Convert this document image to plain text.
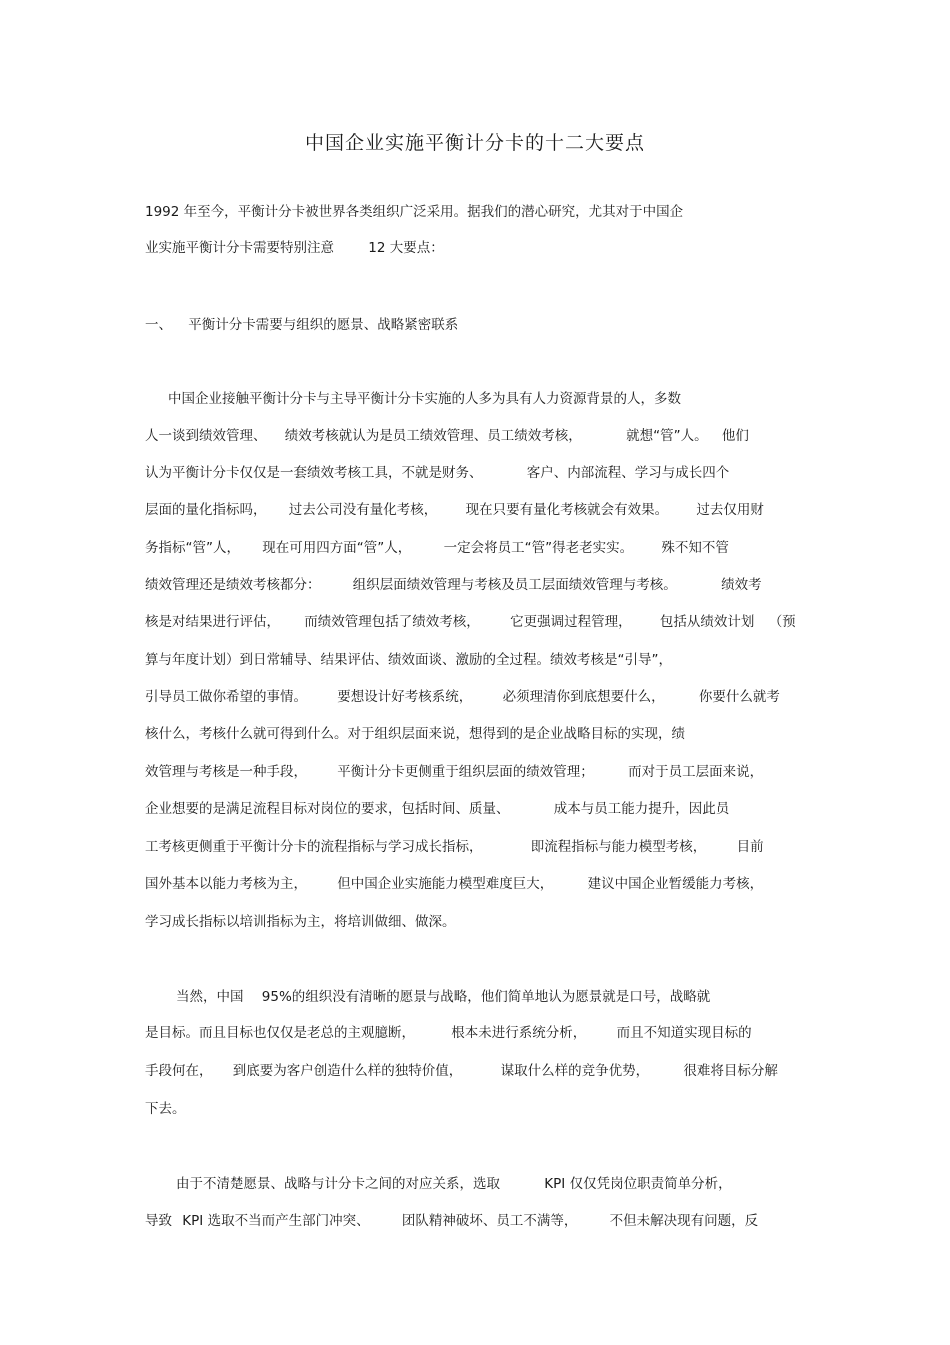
中国企业实施平衡计分卡的十二大要点
1992 年至今，平衡计分卡被世界各类组织广泛采用。据我们的潜心研究，尤其对于中国企
业实施平衡计分卡需要特别注意	12 大要点：
一、 平衡计分卡需要与组织的愿景、战略紧密联系
中国企业接触平衡计分卡与主导平衡计分卡实施的人多为具有人力资源背景的人，多数
人一谈到绩效管理、 绩效考核就认为是员工绩效管理、员工绩效考核，	就想“管”人。 他们
认为平衡计分卡仅仅是一套绩效考核工具，不就是财务、	客户、内部流程、学习与成长四个
层面的量化指标吗， 过去公司没有量化考核， 现在只要有量化考核就会有效果。 过去仅用财
务指标“管”人， 现在可用四方面“管”人， 一定会将员工“管”得老老实实。 殊不知不管
绩效管理还是绩效考核都分： 组织层面绩效管理与考核及员工层面绩效管理与考核。	绩效考
核是对结果进行评估， 而绩效管理包括了绩效考核， 它更强调过程管理， 包括从绩效计划 （预
算与年度计划）到日常辅导、结果评估、绩效面谈、激励的全过程。绩效考核是“引导”，
引导员工做你希望的事情。 要想设计好考核系统， 必须理清你到底想要什么，	你要什么就考
核什么，考核什么就可得到什么。对于组织层面来说，想得到的是企业战略目标的实现，绩
效管理与考核是一种手段， 平衡计分卡更侧重于组织层面的绩效管理；	而对于员工层面来说，
企业想要的是满足流程目标对岗位的要求，包括时间、质量、	成本与员工能力提升，因此员
工考核更侧重于平衡计分卡的流程指标与学习成长指标，	即流程指标与能力模型考核， 目前
国外基本以能力考核为主， 但中国企业实施能力模型难度巨大，	建议中国企业暂缓能力考核，
学习成长指标以培训指标为主，将培训做细、做深。
当然，中国 95%的组织没有清晰的愿景与战略，他们简单地认为愿景就是口号，战略就
是目标。而且目标也仅仅是老总的主观臆断，	根本未进行系统分析， 而且不知道实现目标的
手段何在， 到底要为客户创造什么样的独特价值，	谋取什么样的竞争优势，	很难将目标分解
下去。
由于不清楚愿景、战略与计分卡之间的对应关系，选取	KPI 仅仅凭岗位职责简单分析，
导致 KPI 选取不当而产生部门冲突、 团队精神破坏、员工不满等， 不但未解决现有问题，反
